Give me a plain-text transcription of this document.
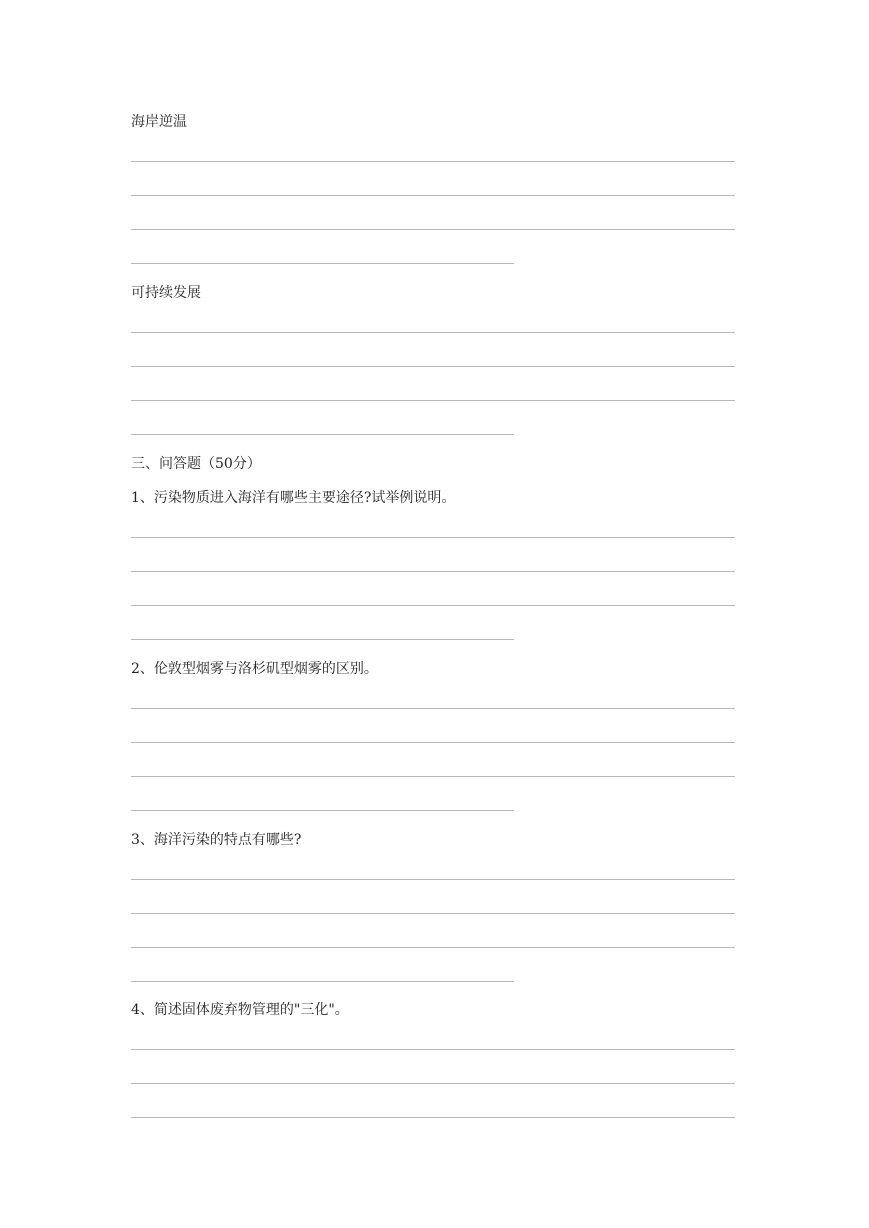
海岸逆温
可持续发展
三、问答题（50分）
1、污染物质进入海洋有哪些主要途径?试举例说明。
2、伦敦型烟雾与洛杉矶型烟雾的区别。
3、海洋污染的特点有哪些?
4、简述固体废弃物管理的"三化"。
